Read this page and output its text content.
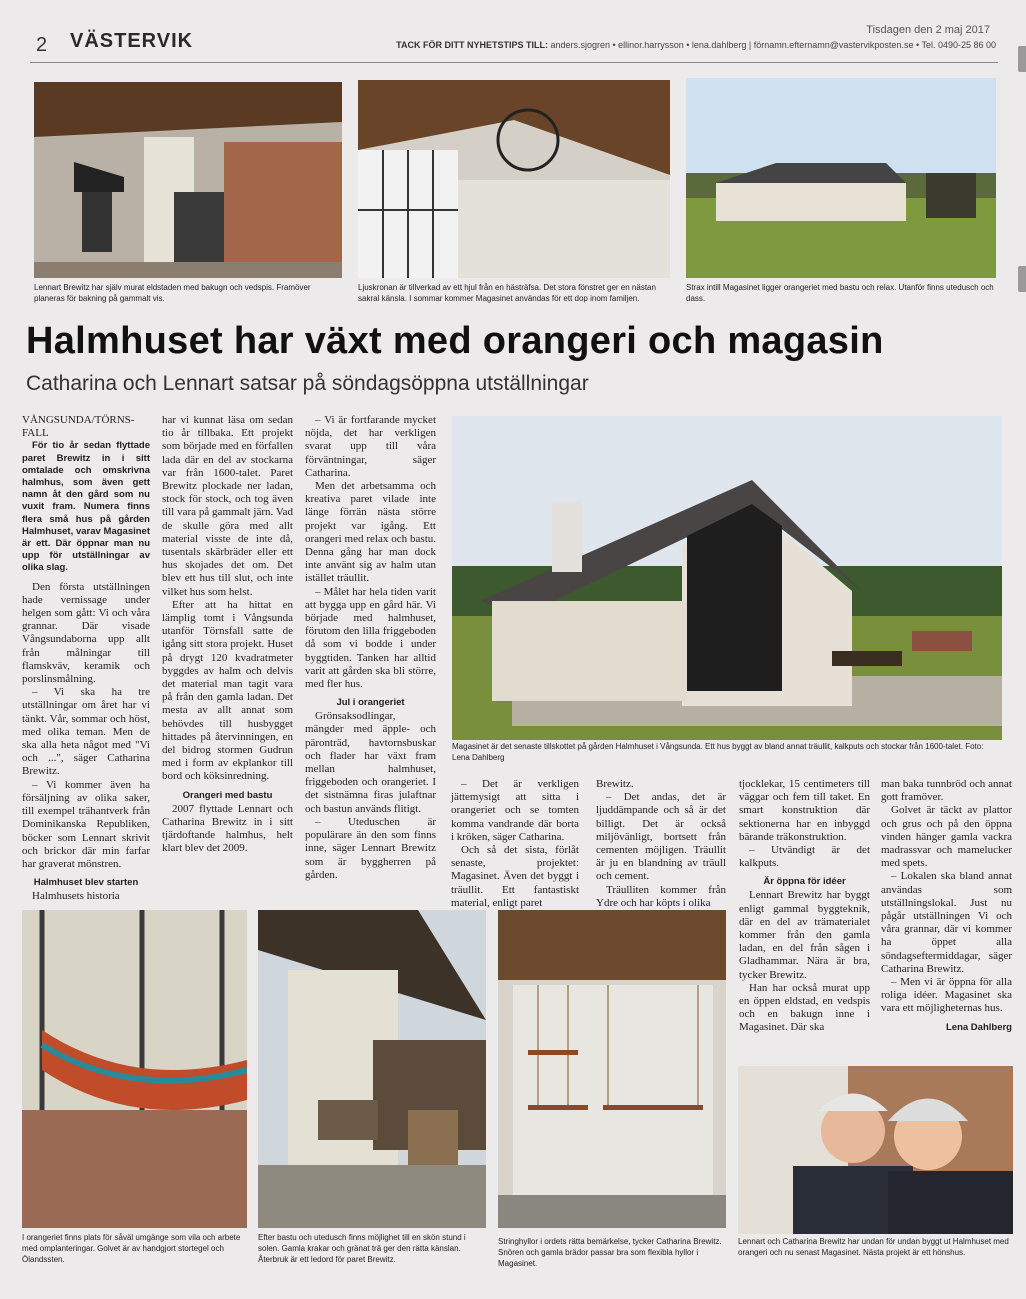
2 VÄSTERVIK	Tisdagen den 2 maj 2017
TACK FÖR DITT NYHETSTIPS TILL: anders.sjogren • ellinor.harrysson • lena.dahlberg | förnamn.efternamn@vastervikposten.se • Tel. 0490-25 86 00
Lennart Brewitz har själv murat eldstaden med bakugn och vedspis. Framöver planeras för bakning på gammalt vis.
Ljuskronan är tillverkad av ett hjul från en hästräfsa. Det stora fönstret ger en nästan sakral känsla. I sommar kommer Magasinet användas för ett dop inom familjen.
Strax intill Magasinet ligger orangeriet med bastu och relax. Utanför finns utedusch och dass.
Halmhuset har växt med orangeri och magasin
Catharina och Lennart satsar på söndagsöppna utställningar

VÅNGSUNDA/TÖRNS-FALL

För tio år sedan flyttade paret Brewitz in i sitt omtalade och omskrivna halmhus, som även gett namn åt den gård som nu vuxit fram. Numera finns flera små hus på gården Halmhuset, varav Magasinet är ett. Där öppnar man nu upp för utställningar av olika slag.

Den första utställningen hade vernissage under helgen som gått: Vi och våra grannar. Där visade Vångsundaborna upp allt från målningar till flamskväv, keramik och porslinsmålning.

– Vi ska ha tre utställningar om året har vi tänkt. Vår, sommar och höst, med olika teman. Men de ska alla heta något med "Vi och ...", säger Catharina Brewitz.

– Vi kommer även ha försäljning av olika saker, till exempel trähantverk från Dominikanska Republiken, böcker som Lennart skrivit och brickor där min farfar har graverat mönstren.

Halmhuset blev starten

Halmhusets historia

har vi kunnat läsa om sedan tio år tillbaka. Ett projekt som började med en förfallen lada där en del av stockarna var från 1600-talet. Paret Brewitz plockade ner ladan, stock för stock, och tog även till vara på gammalt järn. Vad de skulle göra med allt material visste de inte då, tusentals skärbräder eller ett hus skojades det om. Det blev ett hus till slut, och inte vilket hus som helst.

Efter att ha hittat en lämplig tomt i Vångsunda utanför Törnsfall satte de igång sitt stora projekt. Huset på drygt 120 kvadratmeter byggdes av halm och delvis det material man tagit vara på från den gamla ladan. Det mesta av allt annat som behövdes till husbygget hittades på återvinningen, en del bidrog stormen Gudrun med i form av ekplankor till bord och köksinredning.

Orangeri med bastu

2007 flyttade Lennart och Catharina Brewitz in i sitt tjärdoftande halmhus, helt klart blev det 2009.

– Vi är fortfarande mycket nöjda, det har verkligen svarat upp till våra förväntningar, säger Catharina.

Men det arbetsamma och kreativa paret vilade inte länge förrän nästa större projekt var igång. Ett orangeri med relax och bastu. Denna gång har man dock inte använt sig av halm utan istället träullit.

– Målet har hela tiden varit att bygga upp en gård här. Vi började med halmhuset, förutom den lilla friggeboden då som vi bodde i under byggtiden. Tanken har alltid varit att gården ska bli större, med fler hus.

Jul i orangeriet

Grönsaksodlingar, mängder med äpple- och päronträd, havtornsbuskar och flader har växt fram mellan halmhuset, friggeboden och orangeriet. I det sistnämna firas julaftnar och bastun används flitigt.

– Uteduschen är populärare än den som finns inne, säger Lennart Brewitz som är byggherren på gården.

Magasinet är det senaste tillskottet på gården Halmhuset i Vångsunda. Ett hus byggt av bland annat träullit, kalkputs och stockar från 1600-talet. Foto: Lena Dahlberg

– Det är verkligen jättemysigt att sitta i orangeriet och se tomten komma vandrande där borta i kröken, säger Catharina.

Och så det sista, förlåt senaste, projektet: Magasinet. Även det byggt i träullit. Ett fantastiskt material, enligt paret

Brewitz.

– Det andas, det är ljuddämpande och så är det billigt. Det är också miljövänligt, bortsett från cementen möjligen. Träullit är ju en blandning av träull och cement.

Träulliten kommer från Ydre och har köpts i olika

tjocklekar, 15 centimeters till väggar och fem till taket. En smart konstruktion där sektionerna har en inbyggd bärande träkonstruktion.

– Utvändigt är det kalkputs.

Är öppna för idéer

Lennart Brewitz har byggt enligt gammal byggteknik, där en del av trämaterialet kommer från den gamla ladan, en del från sågen i Gladhammar. Nära är bra, tycker Brewitz.

Han har också murat upp en öppen eldstad, en vedspis och en bakugn inne i Magasinet. Där ska

man baka tunnbröd och annat gott framöver.

Golvet är täckt av plattor och grus och på den öppna vinden hänger gamla vackra madrassvar och mamelucker med spets.

– Lokalen ska bland annat användas som utställningslokal. Just nu pågår utställningen Vi och våra grannar, där vi kommer ha öppet alla söndagseftermiddagar, säger Catharina Brewitz.

– Men vi är öppna för alla roliga idéer. Magasinet ska vara ett möjligheternas hus.

Lena Dahlberg

I orangeriet finns plats för såväl umgänge som vila och arbete med omplanteringar. Golvet är av handgjort stortegel och Ölandssten.
Efter bastu och utedusch finns möjlighet till en skön stund i solen. Gamla krakar och gränat trä ger den rätta känslan. Återbruk är ett ledord för paret Brewitz.
Stringhyllor i ordets rätta bemärkelse, tycker Catharina Brewitz. Snören och gamla brädor passar bra som flexibla hyllor i Magasinet.
Lennart och Catharina Brewitz har undan för undan byggt ut Halmhuset med orangeri och nu senast Magasinet. Nästa projekt är ett hönshus.
